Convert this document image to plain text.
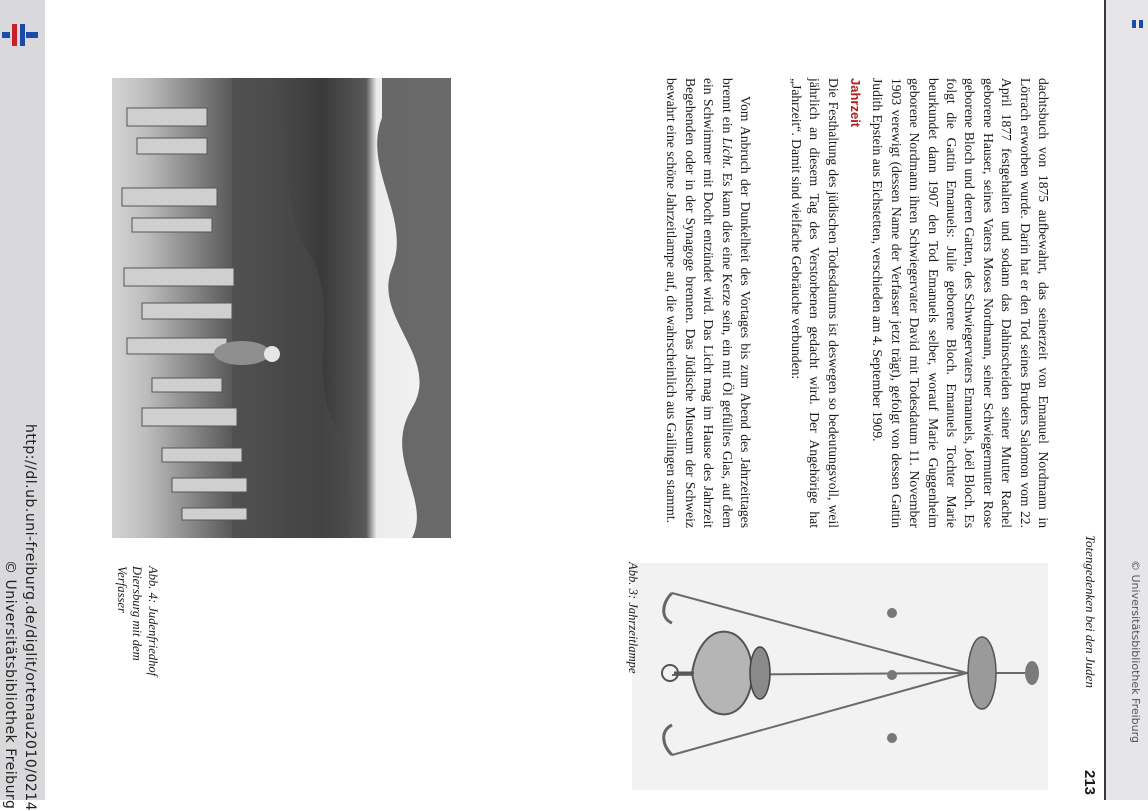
http://dl.ub.uni-freiburg.de/diglit/ortenau2010/0214
© Universitätsbibliothek Freiburg	© Universitätsbibliothek Freiburg
Totengedenken bei den Juden
213

dachtsbuch von 1875 aufbewahrt, das seinerzeit von Emanuel Nordmann in Lörrach erworben wurde. Darin hat er den Tod seines Bruders Salomon vom 22. April 1877 festgehalten und sodann das Dahinscheiden seiner Mutter Rachel geborene Hauser, seines Vaters Moses Nordmann, seiner Schwiegermutter Rose geborene Bloch und deren Gatten, des Schwiegervaters Emanuels, Joël Bloch. Es folgt die Gattin Emanuels: Julie geborene Bloch. Emanuels Tochter Marie beurkundet dann 1907 den Tod Emanuels selber, worauf Marie Guggenheim geborene Nordmann ihren Schwiegervater David mit Todesdatum 11. November 1903 verewigt (dessen Name der Verfasser jetzt trägt), gefolgt von dessen Gattin Judith Epstein aus Eichstetten, verschieden am 4. September 1909.

Jahrzeit

Die Festhaltung des jüdischen Todesdatums ist deswegen so bedeutungsvoll, weil jährlich an diesem Tag des Verstorbenen gedacht wird. Der Angehörige hat „Jahrzeit“. Damit sind vielfache Gebräuche verbunden:

Vom Anbruch der Dunkelheit des Vortages bis zum Abend des Jahrzeittages brennt ein Licht. Es kann dies eine Kerze sein, ein mit Öl gefülltes Glas, auf dem ein Schwimmer mit Docht entzündet wird. Das Licht mag im Hause des Jahrzeit Begehenden oder in der Synagoge brennen. Das Jüdische Museum der Schweiz bewahrt eine schöne Jahrzeitlampe auf, die wahrscheinlich aus Gailingen stammt.

Abb. 3: Jahrzeitlampe
Abb. 4: Judenfriedhof
Diersburg mit dem
Verfasser
